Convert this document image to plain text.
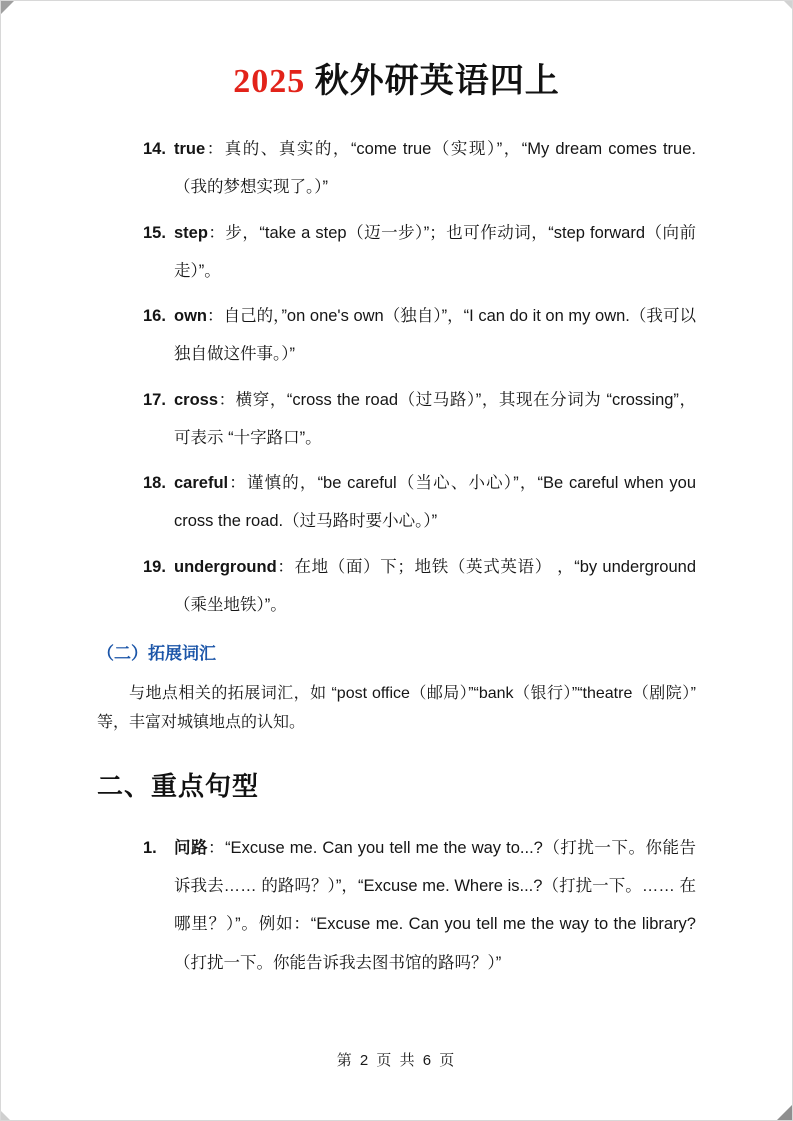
2025 秋外研英语四上
14. true：真的、真实的，“come true（实现）”，“My dream comes true. （我的梦想实现了。）”
15. step：步，“take a step（迈一步）”；也可作动词，“step forward（向前走）”。
16. own：自己的，”on one's own（独自）”，“I can do it on my own.（我可以独自做这件事。）”
17. cross：横穿，“cross the road（过马路）”，其现在分词为 “crossing”，可表示 “十字路口”。
18. careful：谨慎的，“be careful（当心、小心）”，“Be careful when you cross the road.（过马路时要小心。）”
19. underground：在地（面）下；地铁（英式英语） ，“by underground（乘坐地铁）”。
（二）拓展词汇

与地点相关的拓展词汇，如 “post office（邮局）”“bank（银行）”“theatre（剧院）” 等，丰富对城镇地点的认知。

二、重点句型
1. 问路：“Excuse me. Can you tell me the way to...?（打扰一下。你能告诉我去…… 的路吗？）”，“Excuse me. Where is...?（打扰一下。…… 在哪里？）”。例如：“Excuse me. Can you tell me the way to the library?（打扰一下。你能告诉我去图书馆的路吗？）”
第 2 页 共 6 页
